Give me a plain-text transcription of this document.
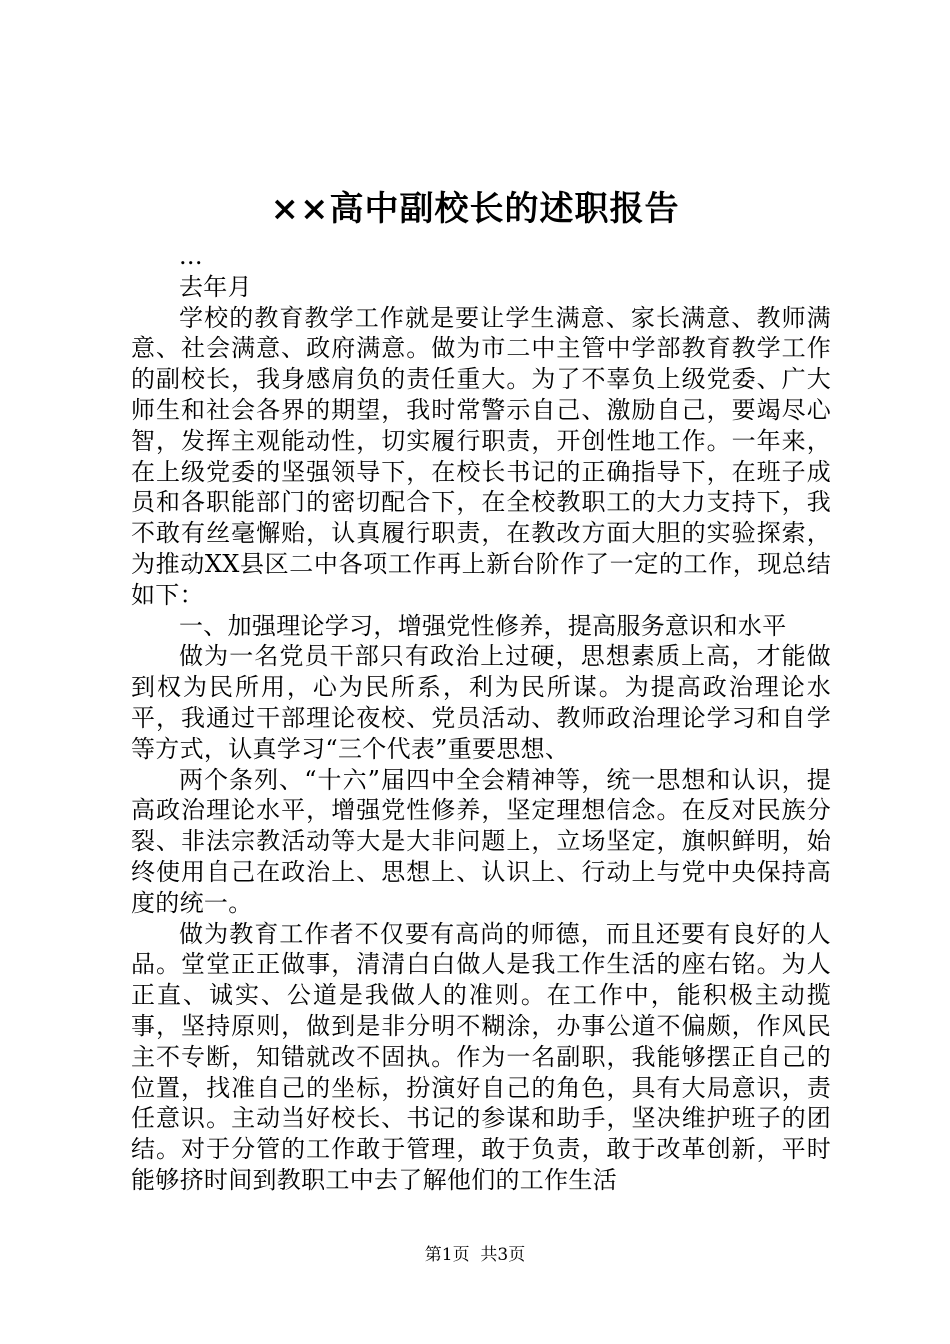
××高中副校长的述职报告

...

去年月

学校的教育教学工作就是要让学生满意、家长满意、教师满意、社会满意、政府满意。做为市二中主管中学部教育教学工作的副校长，我身感肩负的责任重大。为了不辜负上级党委、广大师生和社会各界的期望，我时常警示自己、激励自己，要竭尽心智，发挥主观能动性，切实履行职责，开创性地工作。一年来，在上级党委的坚强领导下，在校长书记的正确指导下，在班子成员和各职能部门的密切配合下，在全校教职工的大力支持下，我不敢有丝毫懈贻，认真履行职责，在教改方面大胆的实验探索，为推动XX县区二中各项工作再上新台阶作了一定的工作，现总结如下：

一、加强理论学习，增强党性修养，提高服务意识和水平

做为一名党员干部只有政治上过硬，思想素质上高，才能做到权为民所用，心为民所系，利为民所谋。为提高政治理论水平，我通过干部理论夜校、党员活动、教师政治理论学习和自学等方式，认真学习“三个代表”重要思想、

两个条列、“十六”届四中全会精神等，统一思想和认识，提高政治理论水平，增强党性修养，坚定理想信念。在反对民族分裂、非法宗教活动等大是大非问题上，立场坚定，旗帜鲜明，始终使用自己在政治上、思想上、认识上、行动上与党中央保持高度的统一。

做为教育工作者不仅要有高尚的师德，而且还要有良好的人品。堂堂正正做事，清清白白做人是我工作生活的座右铭。为人正直、诚实、公道是我做人的准则。在工作中，能积极主动揽事，坚持原则，做到是非分明不糊涂，办事公道不偏颇，作风民主不专断，知错就改不固执。作为一名副职，我能够摆正自己的位置，找准自己的坐标，扮演好自己的角色，具有大局意识，责任意识。主动当好校长、书记的参谋和助手，坚决维护班子的团结。对于分管的工作敢于管理，敢于负责，敢于改革创新，平时能够挤时间到教职工中去了解他们的工作生活

第1页 共3页
